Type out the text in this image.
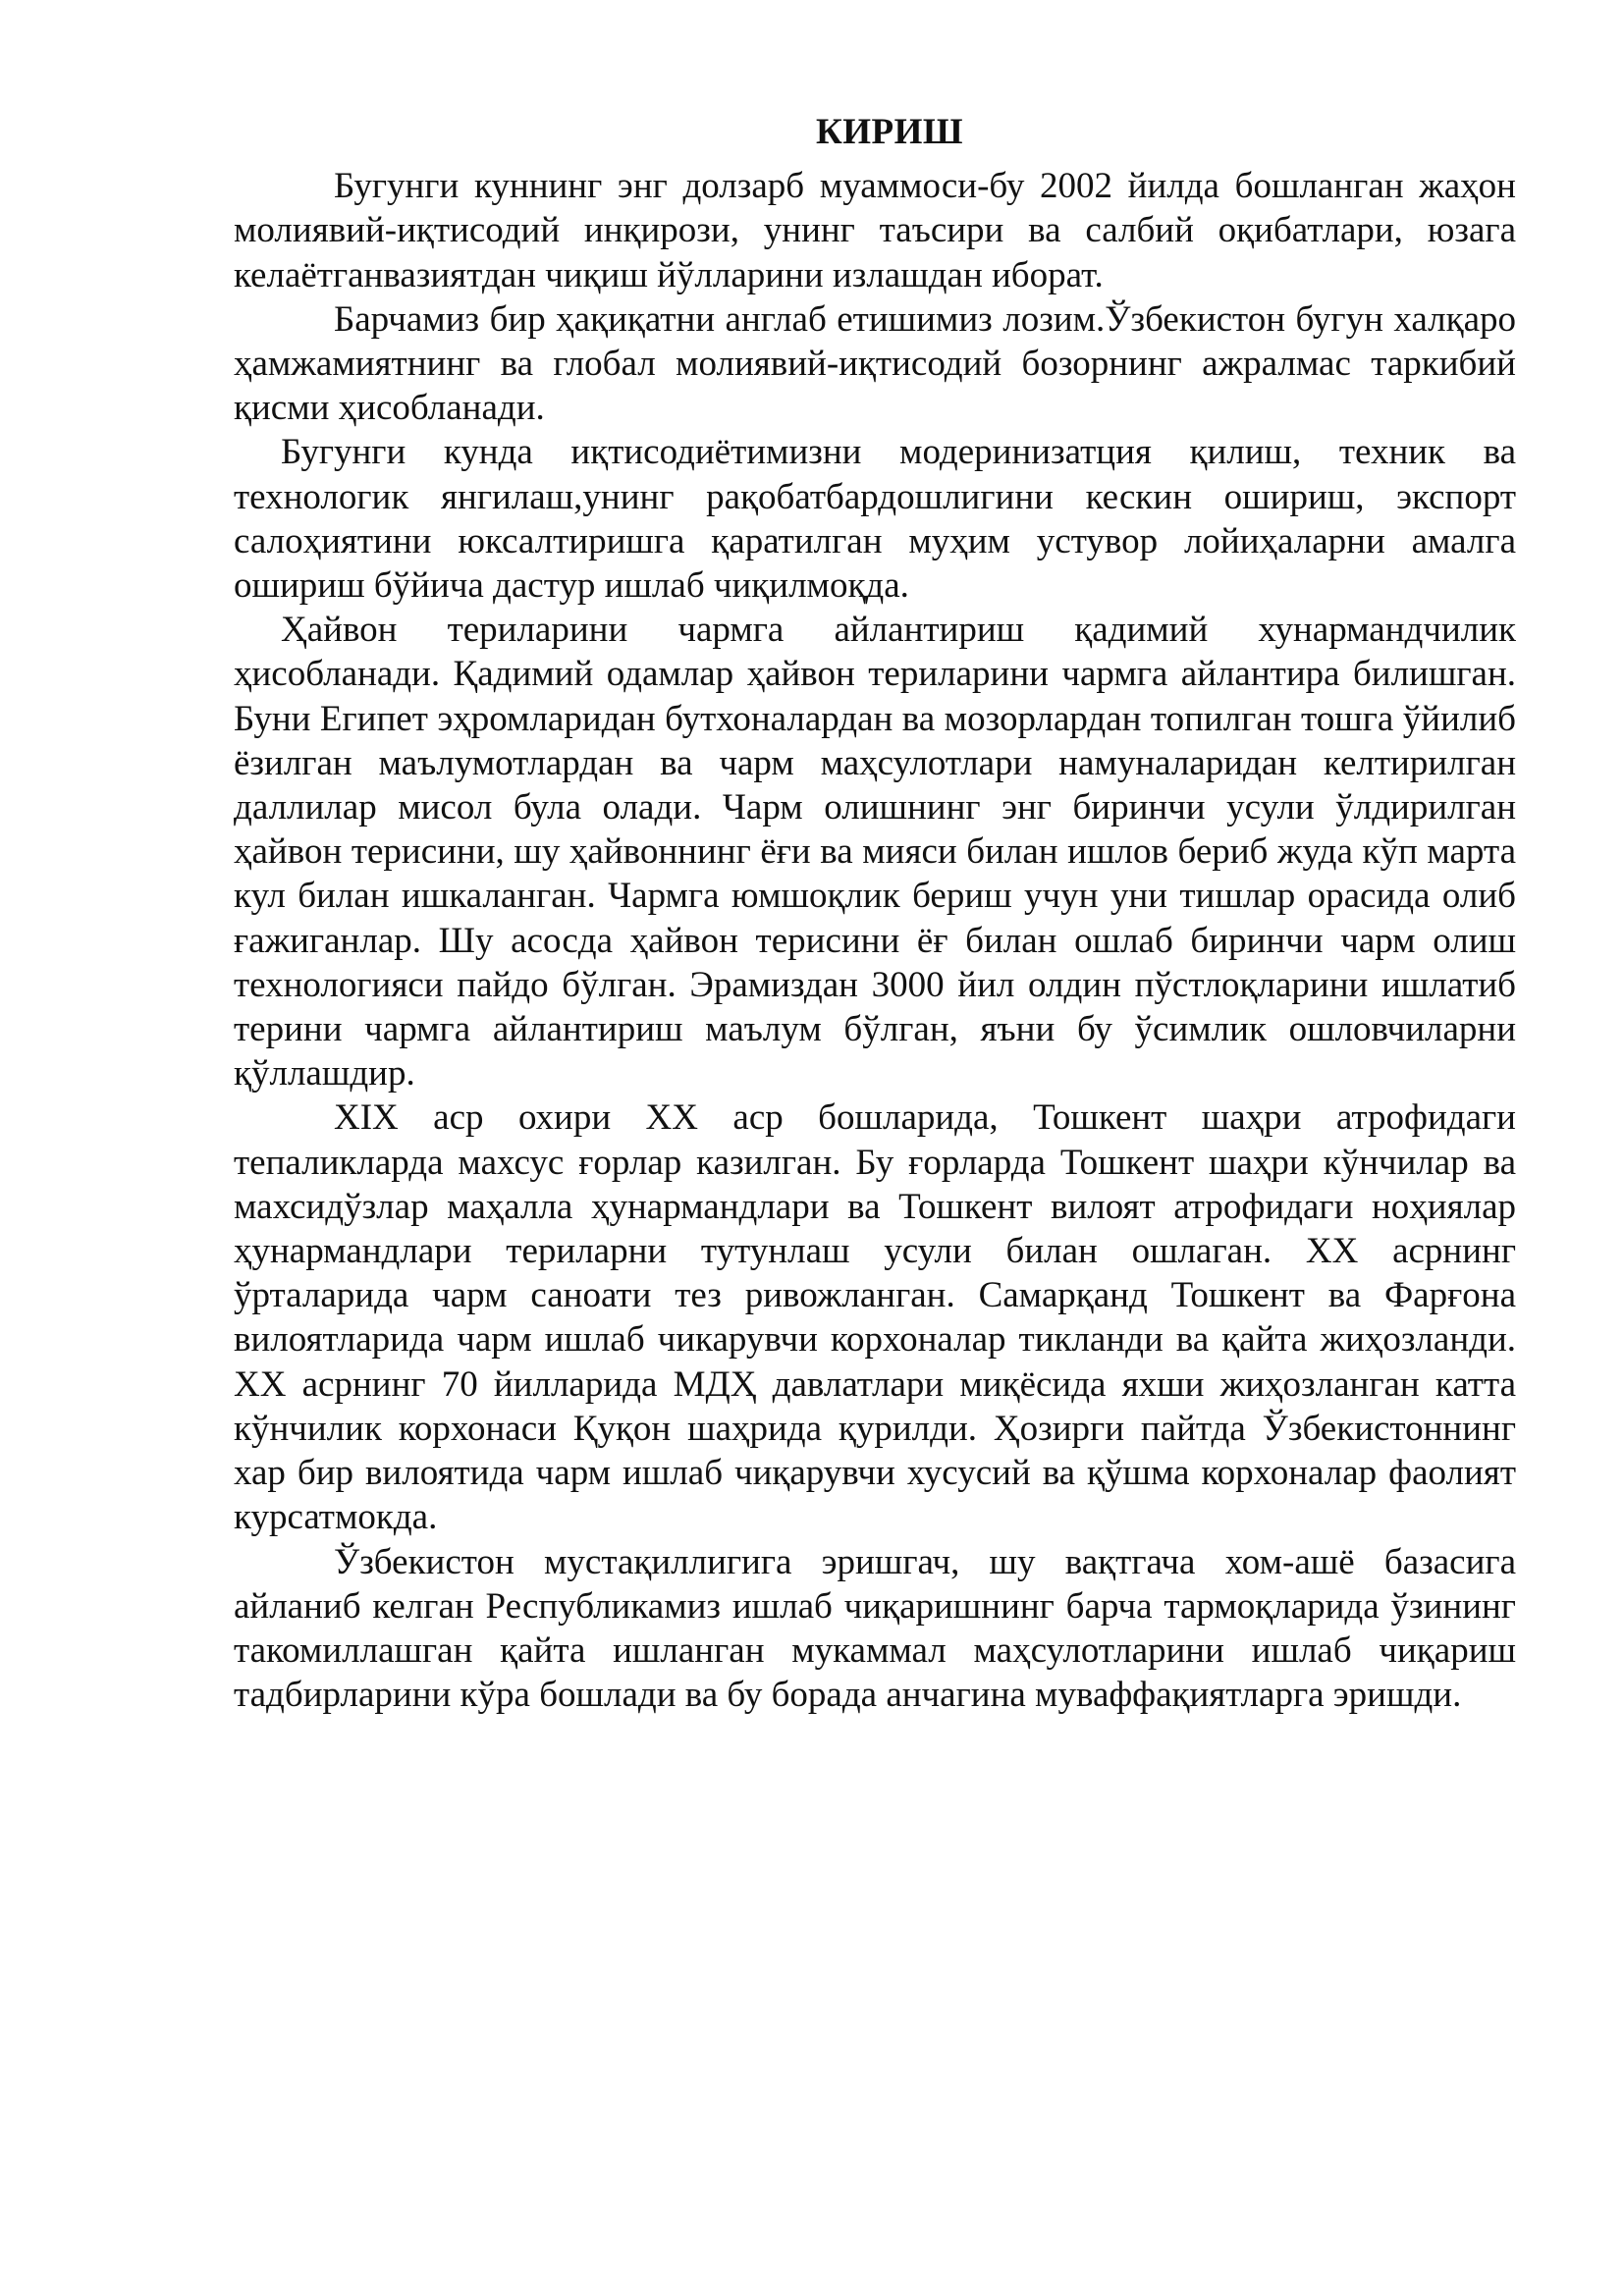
КИРИШ

Бугунги куннинг энг долзарб муаммоси-бу 2002 йилда бошланган жаҳон молиявий-иқтисодий инқирози, унинг таъсири ва салбий оқибатлари, юзага келаётганвазиятдан чиқиш йўлларини излашдан иборат.

Барчамиз бир ҳақиқатни англаб етишимиз лозим.Ўзбекистон бугун халқаро ҳамжамиятнинг ва глобал молиявий-иқтисодий бозорнинг ажралмас таркибий қисми ҳисобланади.

Бугунги кунда иқтисодиётимизни модеринизатция қилиш, техник ва технологик янгилаш,унинг рақобатбардошлигини кескин ошириш, экспорт салоҳиятини юксалтиришга қаратилган муҳим устувор лойиҳаларни амалга ошириш бўйича дастур ишлаб чиқилмоқда.

Ҳайвон териларини чармга айлантириш қадимий хунармандчилик ҳисобланади. Қадимий одамлар ҳайвон териларини чармга айлантира билишган. Буни Египет эҳромларидан бутхоналардан ва мозорлардан топилган тошга ўйилиб ёзилган маълумотлардан ва чарм маҳсулотлари намуналаридан келтирилган даллилар мисол була олади. Чарм олишнинг энг биринчи усули ўлдирилган ҳайвон терисини, шу ҳайвоннинг ёғи ва мияси билан ишлов бериб жуда кўп марта кул билан ишкаланган. Чармга юмшоқлик бериш учун уни тишлар орасида олиб ғажиганлар. Шу асосда ҳайвон терисини ёғ билан ошлаб биринчи чарм олиш технологияси пайдо бўлган. Эрамиздан 3000 йил олдин пўстлоқларини ишлатиб терини чармга айлантириш маълум бўлган, яъни бу ўсимлик ошловчиларни қўллашдир.

XIX аср охири XX аср бошларида, Тошкент шаҳри атрофидаги тепаликларда махсус ғорлар казилган. Бу ғорларда Тошкент шаҳри кўнчилар ва махсидўзлар маҳалла ҳунармандлари ва Тошкент вилоят атрофидаги ноҳиялар ҳунармандлари териларни тутунлаш усули билан ошлаган. XX асрнинг ўрталарида чарм саноати тез ривожланган. Самарқанд Тошкент ва Фарғона вилоятларида чарм ишлаб чикарувчи корхоналар тикланди ва қайта жиҳозланди. XX асрнинг 70 йилларида МДҲ давлатлари миқёсида яхши жиҳозланган катта кўнчилик корхонаси Қуқон шаҳрида қурилди. Ҳозирги пайтда Ўзбекистоннинг хар бир вилоятида чарм ишлаб чиқарувчи хусусий ва қўшма корхоналар фаолият курсатмокда.

Ўзбекистон мустақиллигига эришгач, шу вақтгача хом-ашё базасига айланиб келган Республикамиз ишлаб чиқаришнинг барча тармоқларида ўзининг такомиллашган қайта ишланган мукаммал маҳсулотларини ишлаб чиқариш тадбирларини кўра бошлади ва бу борада анчагина муваффақиятларга эришди.
